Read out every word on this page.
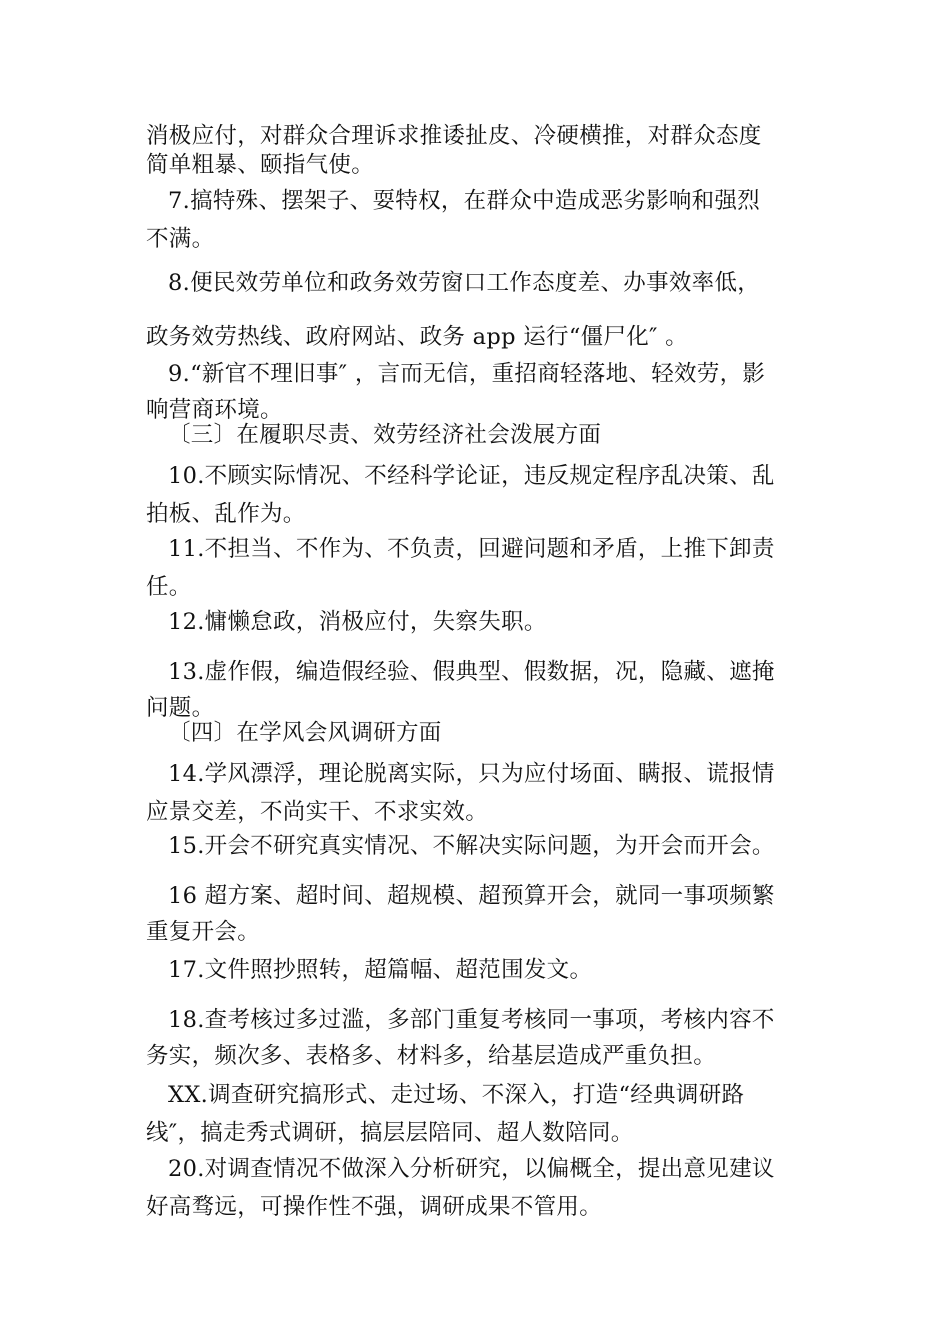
消极应付，对群众合理诉求推诿扯皮、冷硬横推，对群众态度
简单粗暴、颐指气使。

7.搞特殊、摆架子、耍特权，在群众中造成恶劣影响和强烈
不满。

8.便民效劳单位和政务效劳窗口工作态度差、办事效率低，
政务效劳热线、政府网站、政务 app 运行“僵尸化″ 。

9.“新官不理旧事″ ，言而无信，重招商轻落地、轻效劳，影
响营商环境。

〔三〕在履职尽责、效劳经济社会泼展方面

10.不顾实际情况、不经科学论证，违反规定程序乱决策、乱
拍板、乱作为。

11.不担当、不作为、不负责，回避问题和矛盾，上推下卸责
任。

12.慵懒怠政，消极应付，失察失职。

13.虚作假，编造假经验、假典型、假数据，况，隐藏、遮掩
问题。

〔四〕在学风会风调研方面

14.学风漂浮，理论脱离实际，只为应付场面、瞒报、谎报情
应景交差，不尚实干、不求实效。

15.开会不研究真实情况、不解决实际问题，为开会而开会。

16 超方案、超时间、超规模、超预算开会，就同一事项频繁
重复开会。

17.文件照抄照转，超篇幅、超范围发文。

18.查考核过多过滥，多部门重复考核同一事项，考核内容不
务实，频次多、表格多、材料多，给基层造成严重负担。

XX.调查研究搞形式、走过场、不深入，打造“经典调研路
线″，搞走秀式调研，搞层层陪同、超人数陪同。

20.对调查情况不做深入分析研究，以偏概全，提出意见建议
好高骛远，可操作性不强，调研成果不管用。
